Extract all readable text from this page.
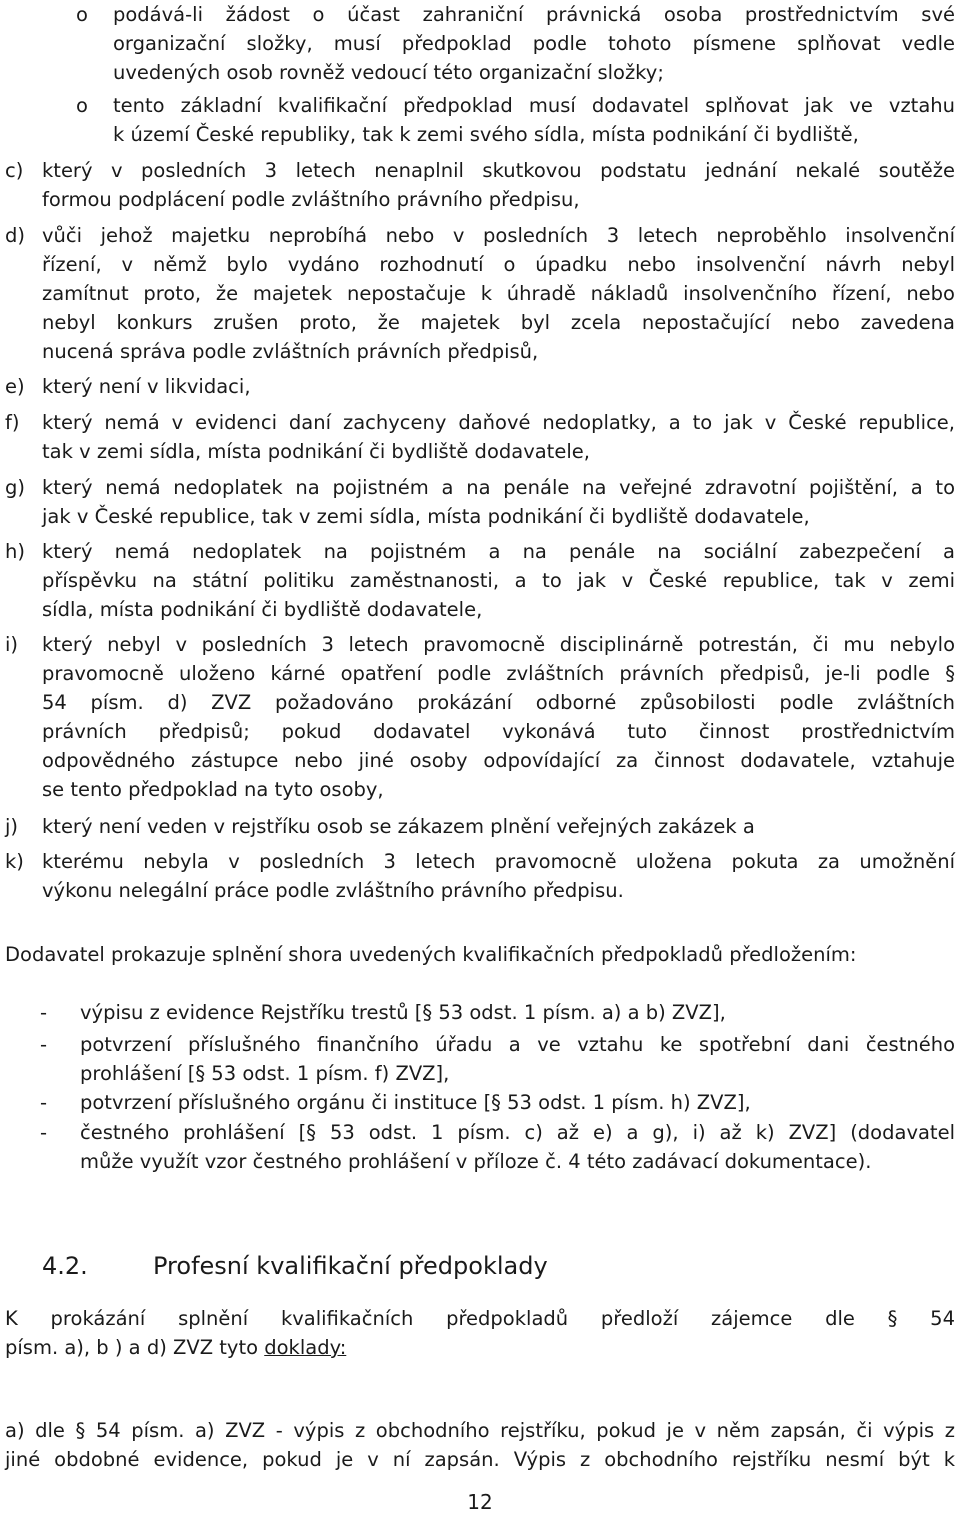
o podává-li žádost o účast zahraniční právnická osoba prostřednictvím své
organizační složky, musí předpoklad podle tohoto písmene splňovat vedle
uvedených osob rovněž vedoucí této organizační složky;
o tento základní kvalifikační předpoklad musí dodavatel splňovat jak ve vztahu
k území České republiky, tak k zemi svého sídla, místa podnikání či bydliště,
c) který v posledních 3 letech nenaplnil skutkovou podstatu jednání nekalé soutěže
formou podplácení podle zvláštního právního předpisu,
d) vůči jehož majetku neprobíhá nebo v posledních 3 letech neproběhlo insolvenční
řízení, v němž bylo vydáno rozhodnutí o úpadku nebo insolvenční návrh nebyl
zamítnut proto, že majetek nepostačuje k úhradě nákladů insolvenčního řízení, nebo
nebyl konkurs zrušen proto, že majetek byl zcela nepostačující nebo zavedena
nucená správa podle zvláštních právních předpisů,
e) který není v likvidaci,
f) který nemá v evidenci daní zachyceny daňové nedoplatky, a to jak v České republice,
tak v zemi sídla, místa podnikání či bydliště dodavatele,
g) který nemá nedoplatek na pojistném a na penále na veřejné zdravotní pojištění, a to
jak v České republice, tak v zemi sídla, místa podnikání či bydliště dodavatele,
h) který nemá nedoplatek na pojistném a na penále na sociální zabezpečení a
příspěvku na státní politiku zaměstnanosti, a to jak v České republice, tak v zemi
sídla, místa podnikání či bydliště dodavatele,
i) který nebyl v posledních 3 letech pravomocně disciplinárně potrestán, či mu nebylo
pravomocně uloženo kárné opatření podle zvláštních právních předpisů, je-li podle §
54 písm. d) ZVZ požadováno prokázání odborné způsobilosti podle zvláštních
právních předpisů; pokud dodavatel vykonává tuto činnost prostřednictvím
odpovědného zástupce nebo jiné osoby odpovídající za činnost dodavatele, vztahuje
se tento předpoklad na tyto osoby,
j) který není veden v rejstříku osob se zákazem plnění veřejných zakázek a
k) kterému nebyla v posledních 3 letech pravomocně uložena pokuta za umožnění
výkonu nelegální práce podle zvláštního právního předpisu.
Dodavatel prokazuje splnění shora uvedených kvalifikačních předpokladů předložením:
- výpisu z evidence Rejstříku trestů [§ 53 odst. 1 písm. a) a b) ZVZ],
- potvrzení příslušného finančního úřadu a ve vztahu ke spotřební dani čestného
prohlášení [§ 53 odst. 1 písm. f) ZVZ],
- potvrzení příslušného orgánu či instituce [§ 53 odst. 1 písm. h) ZVZ],
- čestného prohlášení [§ 53 odst. 1 písm. c) až e) a g), i) až k) ZVZ] (dodavatel
může využít vzor čestného prohlášení v příloze č. 4 této zadávací dokumentace).
4.2.	Profesní kvalifikační předpoklady
K prokázání splnění kvalifikačních předpokladů předloží zájemce dle § 54
písm. a), b ) a d) ZVZ tyto doklady:
a) dle § 54 písm. a) ZVZ - výpis z obchodního rejstříku, pokud je v něm zapsán, či výpis z
jiné obdobné evidence, pokud je v ní zapsán. Výpis z obchodního rejstříku nesmí být k
12
